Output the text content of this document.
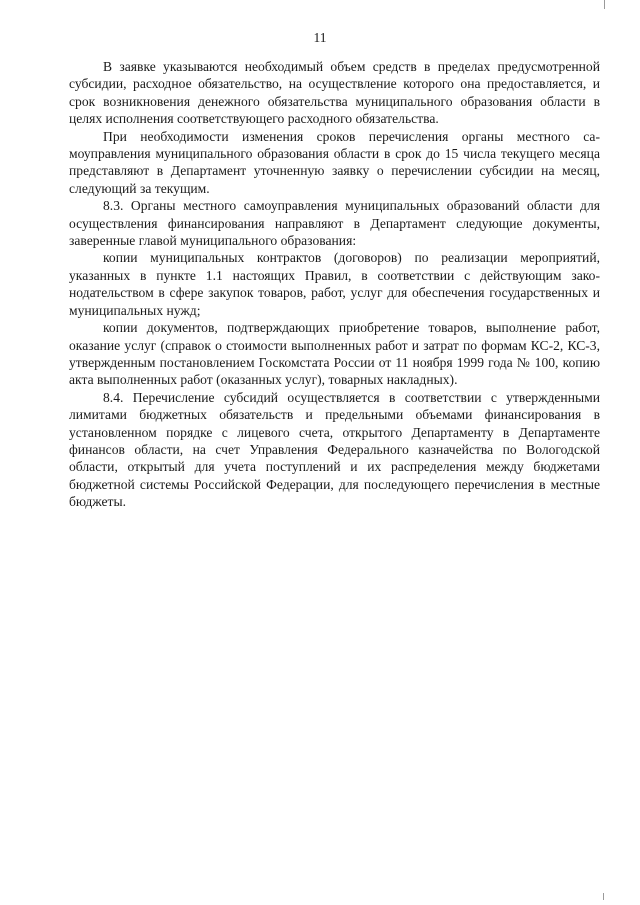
11

В заявке указываются необходимый объем средств в пределах предусмотренной субсидии, расходное обязательство, на осуществление которого она предоставляется, и срок возникновения денежного обязательства муниципального образования области в целях исполнения соответствующего расходного обязательства.

При необходимости изменения сроков перечисления органы местного самоуправления муниципального образования области в срок до 15 числа текущего месяца представляют в Департамент уточненную заявку о перечислении субсидии на месяц, следующий за текущим.

8.3. Органы местного самоуправления муниципальных образований области для осуществления финансирования направляют в Департамент следующие документы, заверенные главой муниципального образования:

копии муниципальных контрактов (договоров) по реализации мероприятий, указанных в пункте 1.1 настоящих Правил, в соответствии с действующим законодательством в сфере закупок товаров, работ, услуг для обеспечения государственных и муниципальных нужд;

копии документов, подтверждающих приобретение товаров, выполнение работ, оказание услуг (справок о стоимости выполненных работ и затрат по формам КС-2, КС-3, утвержденным постановлением Госкомстата России от 11 ноября 1999 года № 100, копию акта выполненных работ (оказанных услуг), товарных накладных).

8.4. Перечисление субсидий осуществляется в соответствии с утвержденными лимитами бюджетных обязательств и предельными объемами финансирования в установленном порядке с лицевого счета, открытого Департаменту в Департаменте финансов области, на счет Управления Федерального казначейства по Вологодской области, открытый для учета поступлений и их распределения между бюджетами бюджетной системы Российской Федерации, для последующего перечисления в местные бюджеты.
